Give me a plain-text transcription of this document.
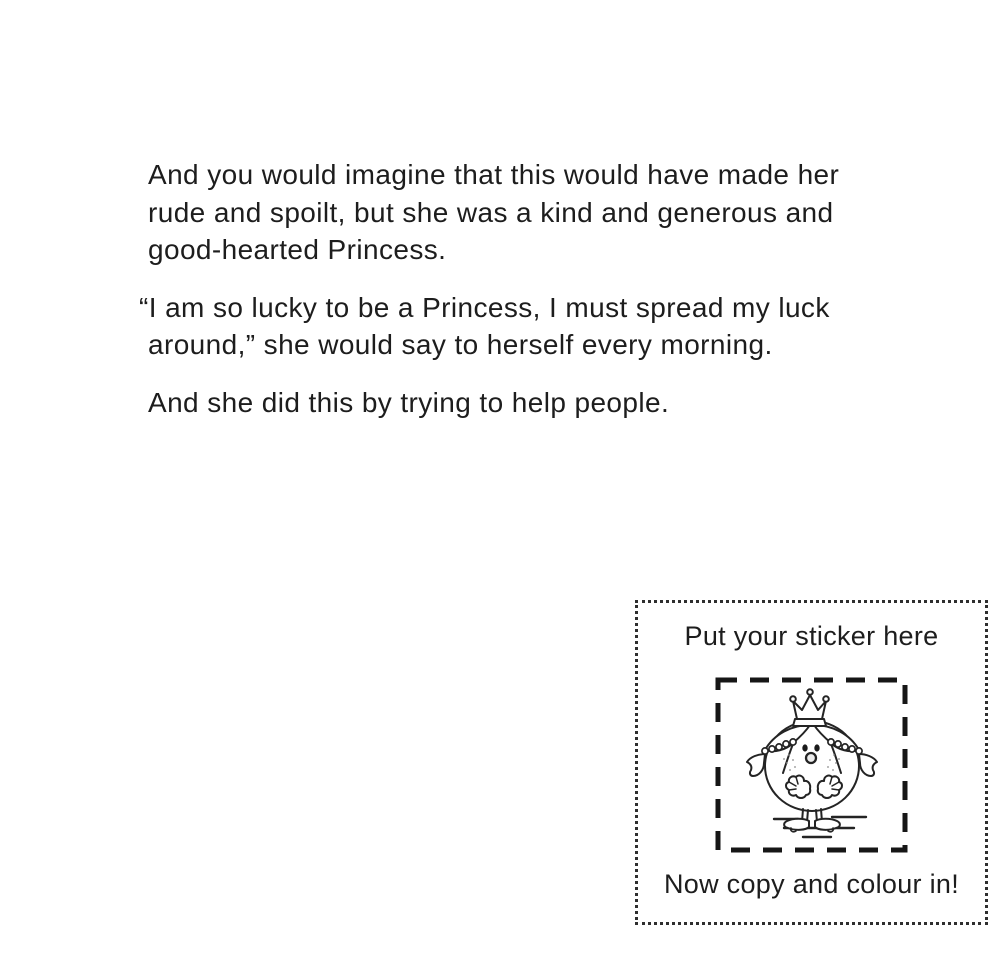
And you would imagine that this would have made her
rude and spoilt, but she was a kind and generous and
good-hearted Princess.

“I am so lucky to be a Princess, I must spread my luck
around,” she would say to herself every morning.

And she did this by trying to help people.

Put your sticker here
Now copy and colour in!
